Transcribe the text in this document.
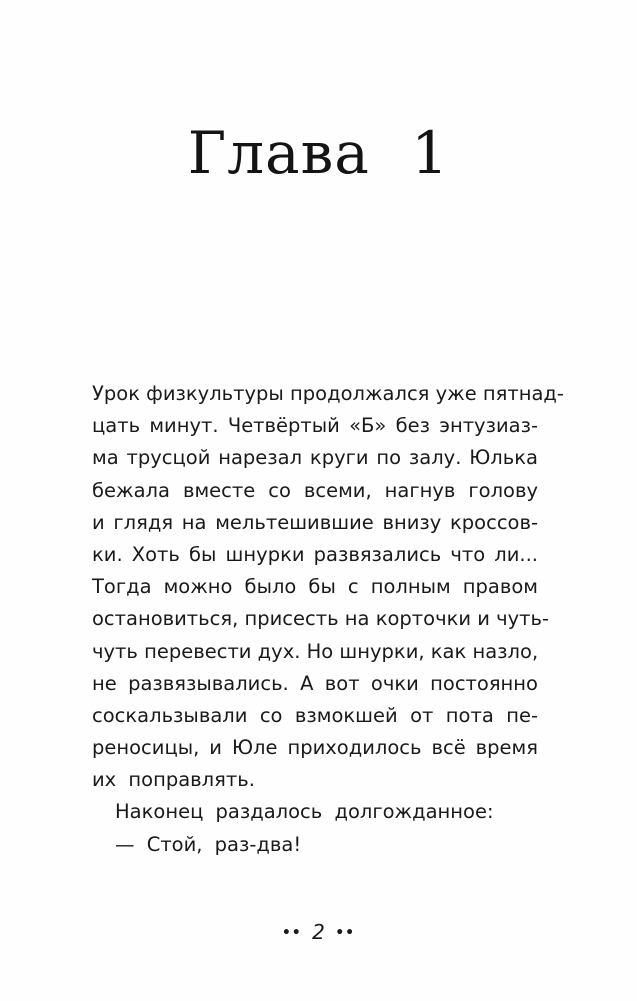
Глава 1
Урок физкультуры продолжался уже пятнад-
цать минут. Четвёртый «Б» без энтузиаз-
ма трусцой нарезал круги по залу. Юлька
бежала вместе со всеми, нагнув голову
и глядя на мельтешившие внизу кроссов-
ки. Хоть бы шнурки развязались что ли...
Тогда можно было бы с полным правом
остановиться, присесть на корточки и чуть-
чуть перевести дух. Но шнурки, как назло,
не развязывались. А вот очки постоянно
соскальзывали со взмокшей от пота пе-
реносицы, и Юле приходилось всё время
их поправлять.
Наконец раздалось долгожданное:
— Стой, раз-два!
•• 2 ••
